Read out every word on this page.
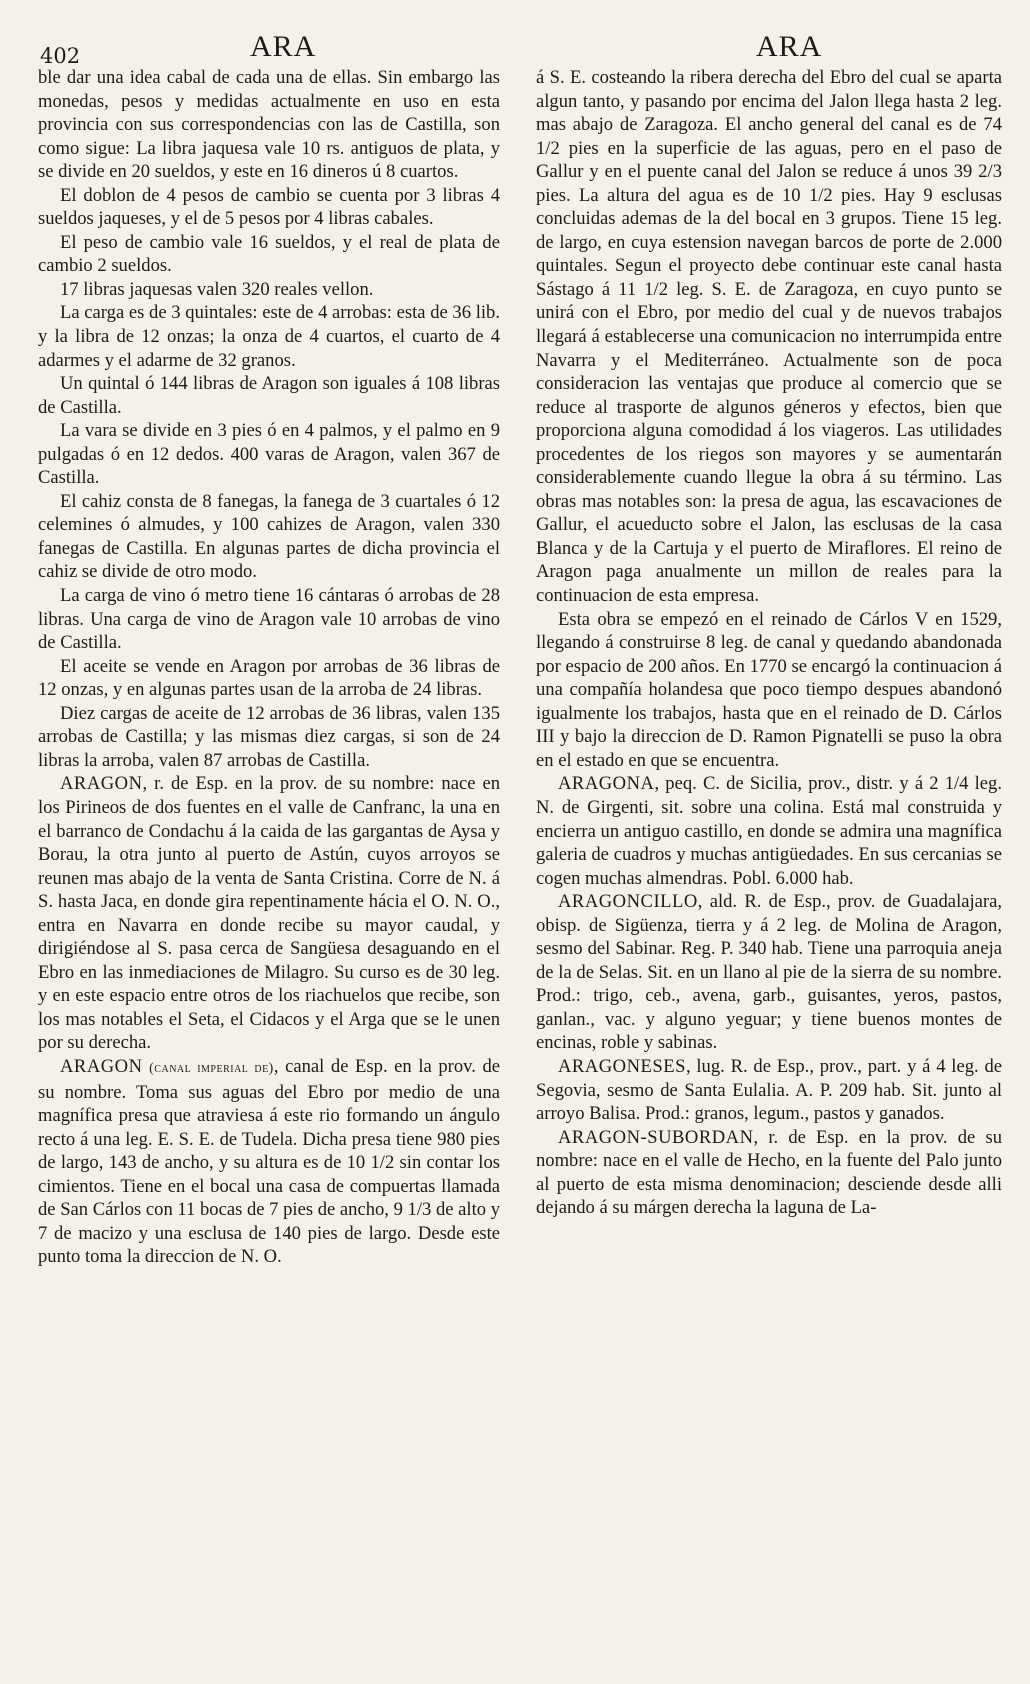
402	ARA	ARA

ble dar una idea cabal de cada una de ellas. Sin embargo las monedas, pesos y medidas actualmente en uso en esta provincia con sus correspondencias con las de Castilla, son como sigue: La libra jaquesa vale 10 rs. antiguos de plata, y se divide en 20 sueldos, y este en 16 dineros ú 8 cuartos.

El doblon de 4 pesos de cambio se cuenta por 3 libras 4 sueldos jaqueses, y el de 5 pesos por 4 libras cabales.

El peso de cambio vale 16 sueldos, y el real de plata de cambio 2 sueldos.

17 libras jaquesas valen 320 reales vellon.

La carga es de 3 quintales: este de 4 arrobas: esta de 36 lib. y la libra de 12 onzas; la onza de 4 cuartos, el cuarto de 4 adarmes y el adarme de 32 granos.

Un quintal ó 144 libras de Aragon son iguales á 108 libras de Castilla.

La vara se divide en 3 pies ó en 4 palmos, y el palmo en 9 pulgadas ó en 12 dedos. 400 varas de Aragon, valen 367 de Castilla.

El cahiz consta de 8 fanegas, la fanega de 3 cuartales ó 12 celemines ó almudes, y 100 cahizes de Aragon, valen 330 fanegas de Castilla. En algunas partes de dicha provincia el cahiz se divide de otro modo.

La carga de vino ó metro tiene 16 cántaras ó arrobas de 28 libras. Una carga de vino de Aragon vale 10 arrobas de vino de Castilla.

El aceite se vende en Aragon por arrobas de 36 libras de 12 onzas, y en algunas partes usan de la arroba de 24 libras.

Diez cargas de aceite de 12 arrobas de 36 libras, valen 135 arrobas de Castilla; y las mismas diez cargas, si son de 24 libras la arroba, valen 87 arrobas de Castilla.

ARAGON, r. de Esp. en la prov. de su nombre: nace en los Pirineos de dos fuentes en el valle de Canfranc, la una en el barranco de Condachu á la caida de las gargantas de Aysa y Borau, la otra junto al puerto de Astún, cuyos arroyos se reunen mas abajo de la venta de Santa Cristina. Corre de N. á S. hasta Jaca, en donde gira repentinamente hácia el O. N. O., entra en Navarra en donde recibe su mayor caudal, y dirigiéndose al S. pasa cerca de Sangüesa desaguando en el Ebro en las inmediaciones de Milagro. Su curso es de 30 leg. y en este espacio entre otros de los riachuelos que recibe, son los mas notables el Seta, el Cidacos y el Arga que se le unen por su derecha.

ARAGON (canal imperial de), canal de Esp. en la prov. de su nombre. Toma sus aguas del Ebro por medio de una magnífica presa que atraviesa á este rio formando un ángulo recto á una leg. E. S. E. de Tudela. Dicha presa tiene 980 pies de largo, 143 de ancho, y su altura es de 10 1/2 sin contar los cimientos. Tiene en el bocal una casa de compuertas llamada de San Cárlos con 11 bocas de 7 pies de ancho, 9 1/3 de alto y 7 de macizo y una esclusa de 140 pies de largo. Desde este punto toma la direccion de N. O.

á S. E. costeando la ribera derecha del Ebro del cual se aparta algun tanto, y pasando por encima del Jalon llega hasta 2 leg. mas abajo de Zaragoza. El ancho general del canal es de 74 1/2 pies en la superficie de las aguas, pero en el paso de Gallur y en el puente canal del Jalon se reduce á unos 39 2/3 pies. La altura del agua es de 10 1/2 pies. Hay 9 esclusas concluidas ademas de la del bocal en 3 grupos. Tiene 15 leg. de largo, en cuya estension navegan barcos de porte de 2.000 quintales. Segun el proyecto debe continuar este canal hasta Sástago á 11 1/2 leg. S. E. de Zaragoza, en cuyo punto se unirá con el Ebro, por medio del cual y de nuevos trabajos llegará á establecerse una comunicacion no interrumpida entre Navarra y el Mediterráneo. Actualmente son de poca consideracion las ventajas que produce al comercio que se reduce al trasporte de algunos géneros y efectos, bien que proporciona alguna comodidad á los viageros. Las utilidades procedentes de los riegos son mayores y se aumentarán considerablemente cuando llegue la obra á su término. Las obras mas notables son: la presa de agua, las escavaciones de Gallur, el acueducto sobre el Jalon, las esclusas de la casa Blanca y de la Cartuja y el puerto de Miraflores. El reino de Aragon paga anualmente un millon de reales para la continuacion de esta empresa.

Esta obra se empezó en el reinado de Cárlos V en 1529, llegando á construirse 8 leg. de canal y quedando abandonada por espacio de 200 años. En 1770 se encargó la continuacion á una compañía holandesa que poco tiempo despues abandonó igualmente los trabajos, hasta que en el reinado de D. Cárlos III y bajo la direccion de D. Ramon Pignatelli se puso la obra en el estado en que se encuentra.

ARAGONA, peq. C. de Sicilia, prov., distr. y á 2 1/4 leg. N. de Girgenti, sit. sobre una colina. Está mal construida y encierra un antiguo castillo, en donde se admira una magnífica galeria de cuadros y muchas antigüedades. En sus cercanias se cogen muchas almendras. Pobl. 6.000 hab.

ARAGONCILLO, ald. R. de Esp., prov. de Guadalajara, obisp. de Sigüenza, tierra y á 2 leg. de Molina de Aragon, sesmo del Sabinar. Reg. P. 340 hab. Tiene una parroquia aneja de la de Selas. Sit. en un llano al pie de la sierra de su nombre. Prod.: trigo, ceb., avena, garb., guisantes, yeros, pastos, ganlan., vac. y alguno yeguar; y tiene buenos montes de encinas, roble y sabinas.

ARAGONESES, lug. R. de Esp., prov., part. y á 4 leg. de Segovia, sesmo de Santa Eulalia. A. P. 209 hab. Sit. junto al arroyo Balisa. Prod.: granos, legum., pastos y ganados.

ARAGON-SUBORDAN, r. de Esp. en la prov. de su nombre: nace en el valle de Hecho, en la fuente del Palo junto al puerto de esta misma denominacion; desciende desde alli dejando á su márgen derecha la laguna de La-
